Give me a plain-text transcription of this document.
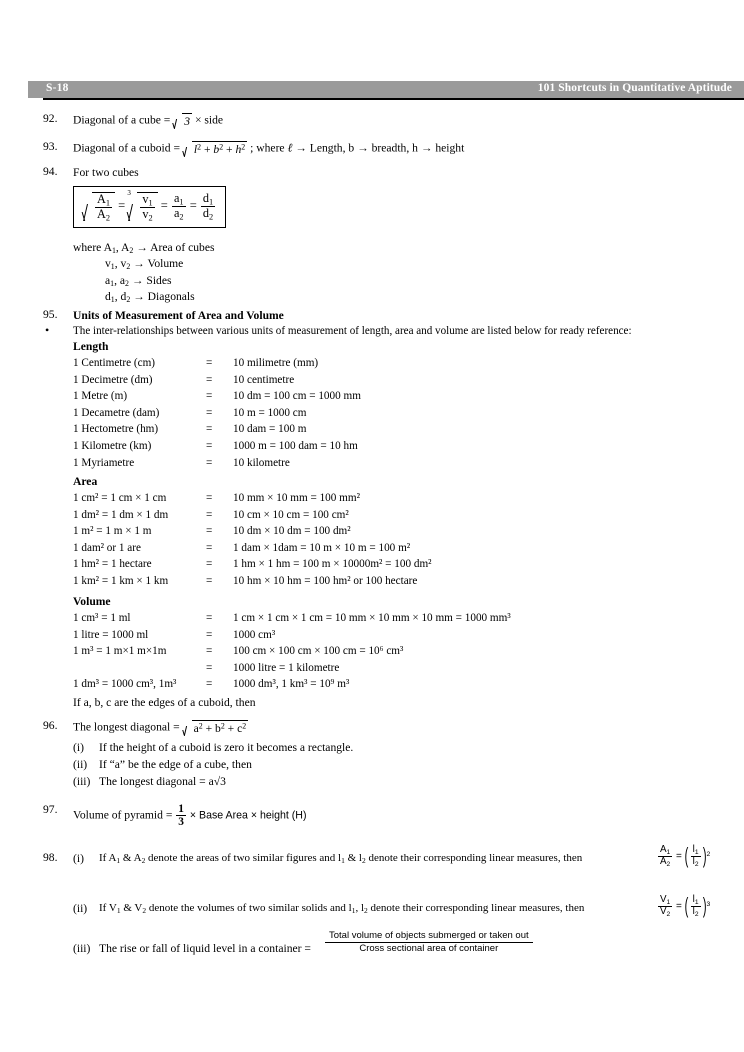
S-18	101 Shortcuts in Quantitative Aptitude
92. Diagonal of a cube = 3 × side
93. Diagonal of a cuboid = $l^2 + b^2 + h^2$ ; where ℓ → Length, b → breadth, h → height
94. For two cubes
$\frac{A_1}{A_2}$ =
$3 \frac{v_1}{v_2} = \frac{a_1}{a_2} = \frac{d_1}{d_2}$
where $A_1$, $A_2$ → Area of cubes
$v_1$, $v_2$ → Volume
$a_1$, $a_2$ → Sides
$d_1$, $d_2$ → Diagonals
95. Units of Measurement of Area and Volume
• The inter-relationships between various units of measurement of length, area and volume are listed below for ready reference:
Length
1 Centimetre (cm)	= 10 milimetre (mm)
1 Decimetre (dm)	= 10 centimetre
1 Metre (m)	= 10 dm = 100 cm = 1000 mm
1 Decametre (dam)	= 10 m = 1000 cm
1 Hectometre (hm)	= 10 dam = 100 m
1 Kilometre (km)	= 1000 m = 100 dam = 10 hm
1 Myriametre	= 10 kilometre
Area
1 cm² = 1 cm × 1 cm	= 10 mm × 10 mm = 100 mm²
1 dm² = 1 dm × 1 dm	= 10 cm × 10 cm = 100 cm²
1 m² = 1 m × 1 m	= 10 dm × 10 dm = 100 dm²
1 dam² or 1 are	= 1 dam × 1dam = 10 m × 10 m = 100 m²
1 hm² = 1 hectare	= 1 hm × 1 hm = 100 m × 10000m² = 100 dm²
1 km² = 1 km × 1 km	= 10 hm × 10 hm = 100 hm² or 100 hectare
Volume
1 cm³ = 1 ml	= 1 cm × 1 cm × 1 cm = 10 mm × 10 mm × 10 mm = 1000 mm³
1 litre = 1000 ml	= 1000 cm³
1 m³ = 1 m×1 m×1m	= 100 cm × 100 cm × 100 cm = 10⁶ cm³
= 1000 litre = 1 kilometre
1 dm³ = 1000 cm³, 1m³	= 1000 dm³, 1 km³ = 10⁹ m³
If a, b, c are the edges of a cuboid, then
96. The longest diagonal = $a^2 + b^2 + c^2$
(i) If the height of a cuboid is zero it becomes a rectangle.
(ii) If “a” be the edge of a cube, then
(iii) The longest diagonal = a√3
97. Volume of pyramid = $\frac{1}{3}$ × Base Area × height (H)
98. (i) If $A_1$ & $A_2$ denote the areas of two similar figures and $l_1$ & $l_2$ denote their corresponding linear measures, then	$\frac{A_1}{A_2}$ = ( $\frac{l_1}{l_2}$
) $^2$
(ii) If $V_1$ & $V_2$ denote the volumes of two similar solids and $l_1$, $l_2$ denote their corresponding linear measures, then	$\frac{V_1}{V_2}$ = ( $\frac{l_1}{l_2}$
) $^3$
(iii) The rise or fall of liquid level in a container =
Total volume of objects submerged or taken out
Cross sectional area of container
